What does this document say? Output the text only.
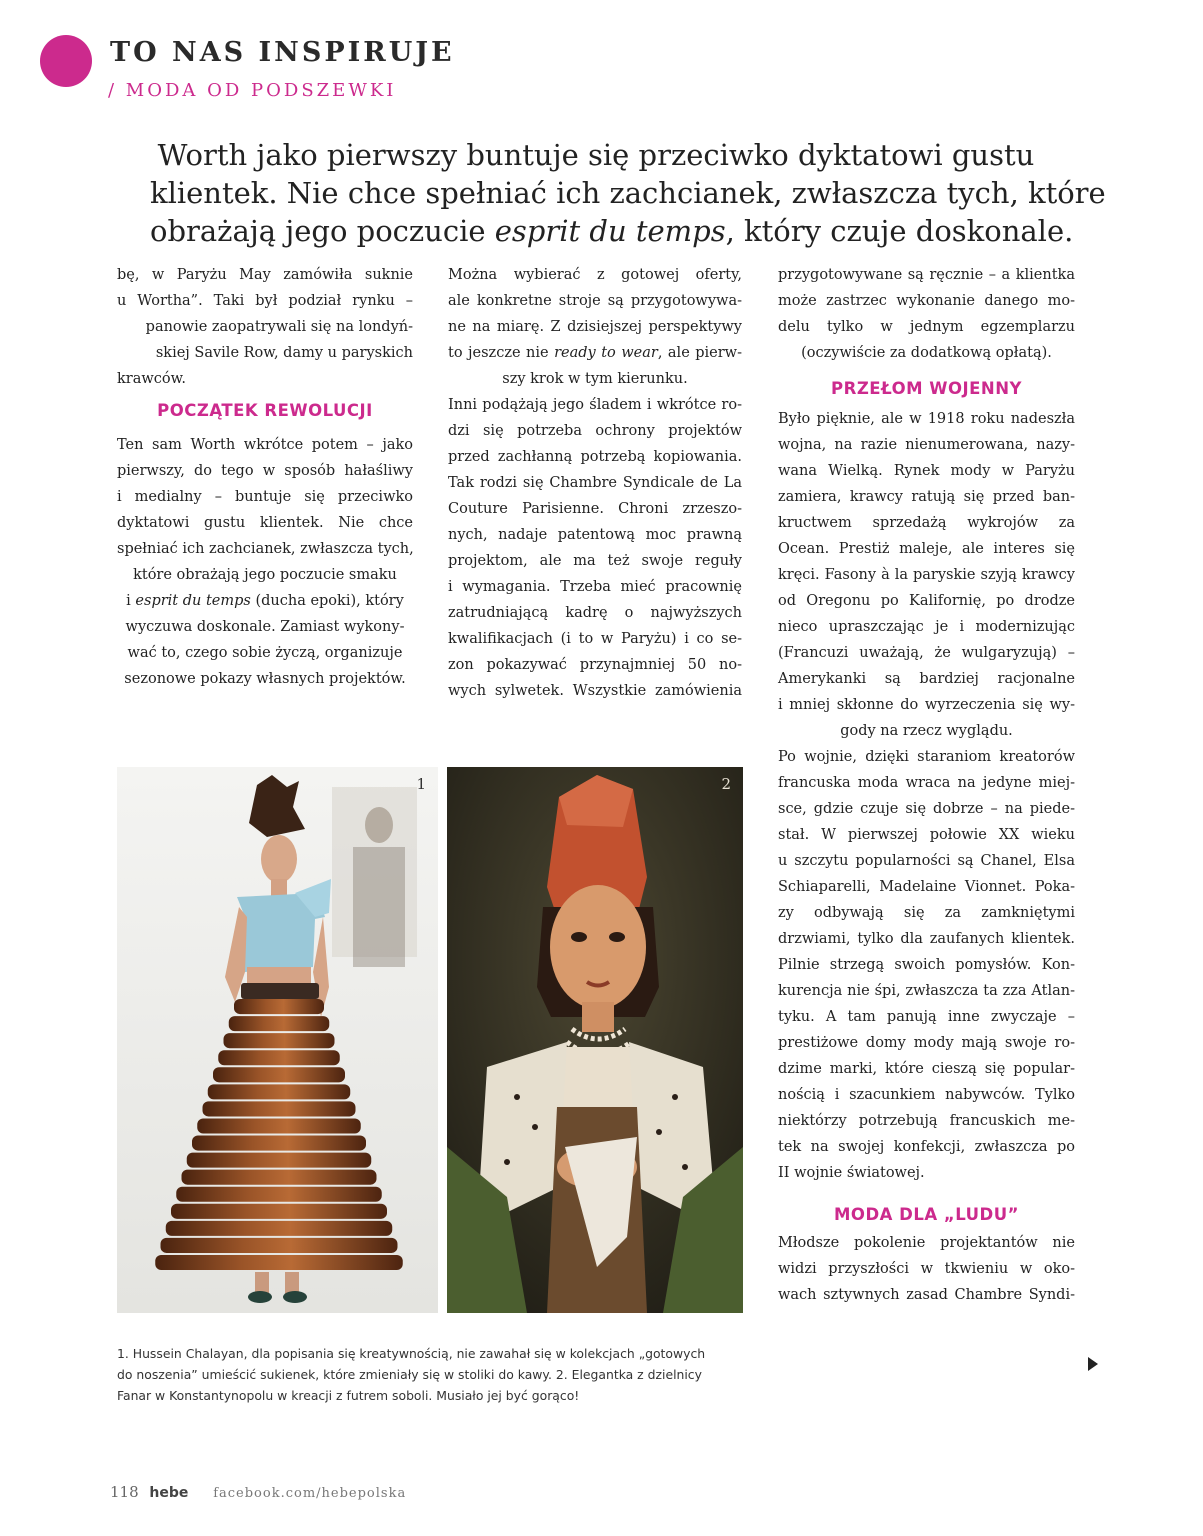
TO NAS INSPIRUJE
/ MODA OD PODSZEWKI
Worth jako pierwszy buntuje się przeciwko dyktatowi gustu
klientek. Nie chce spełniać ich zachcianek, zwłaszcza tych, które
obrażają jego poczucie esprit du temps, który czuje doskonale.
bę, w Paryżu May zamówiła suknie
u Wortha”. Taki był podział rynku –
panowie zaopatrywali się na londyń-
skiej Savile Row, damy u paryskich
krawców.
POCZĄTEK REWOLUCJI
Ten sam Worth wkrótce potem – jako
pierwszy, do tego w sposób hałaśliwy
i medialny – buntuje się przeciwko
dyktatowi gustu klientek. Nie chce
spełniać ich zachcianek, zwłaszcza tych,
które obrażają jego poczucie smaku
i esprit du temps (ducha epoki), który
wyczuwa doskonale. Zamiast wykony-
wać to, czego sobie życzą, organizuje
sezonowe pokazy własnych projektów.
Można wybierać z gotowej oferty,
ale konkretne stroje są przygotowywa-
ne na miarę. Z dzisiejszej perspektywy
to jeszcze nie ready to wear, ale pierw-
szy krok w tym kierunku.
Inni podążają jego śladem i wkrótce ro-
dzi się potrzeba ochrony projektów
przed zachłanną potrzebą kopiowania.
Tak rodzi się Chambre Syndicale de La
Couture Parisienne. Chroni zrzeszo-
nych, nadaje patentową moc prawną
projektom, ale ma też swoje reguły
i wymagania. Trzeba mieć pracownię
zatrudniającą kadrę o najwyższych
kwalifikacjach (i to w Paryżu) i co se-
zon pokazywać przynajmniej 50 no-
wych sylwetek. Wszystkie zamówienia
przygotowywane są ręcznie – a klientka
może zastrzec wykonanie danego mo-
delu tylko w jednym egzemplarzu
(oczywiście za dodatkową opłatą).
PRZEŁOM WOJENNY
Było pięknie, ale w 1918 roku nadeszła
wojna, na razie nienumerowana, nazy-
wana Wielką. Rynek mody w Paryżu
zamiera, krawcy ratują się przed ban-
kructwem sprzedażą wykrojów za
Ocean. Prestiż maleje, ale interes się
kręci. Fasony à la paryskie szyją krawcy
od Oregonu po Kalifornię, po drodze
nieco upraszczając je i modernizując
(Francuzi uważają, że wulgaryzują) –
Amerykanki są bardziej racjonalne
i mniej skłonne do wyrzeczenia się wy-
gody na rzecz wyglądu.
Po wojnie, dzięki staraniom kreatorów
francuska moda wraca na jedyne miej-
sce, gdzie czuje się dobrze – na piede-
stał. W pierwszej połowie XX wieku
u szczytu popularności są Chanel, Elsa
Schiaparelli, Madelaine Vionnet. Poka-
zy odbywają się za zamkniętymi
drzwiami, tylko dla zaufanych klientek.
Pilnie strzegą swoich pomysłów. Kon-
kurencja nie śpi, zwłaszcza ta zza Atlan-
tyku. A tam panują inne zwyczaje –
prestiżowe domy mody mają swoje ro-
dzime marki, które cieszą się popular-
nością i szacunkiem nabywców. Tylko
niektórzy potrzebują francuskich me-
tek na swojej konfekcji, zwłaszcza po
II wojnie światowej.
MODA DLA „LUDU”
Młodsze pokolenie projektantów nie
widzi przyszłości w tkwieniu w oko-
wach sztywnych zasad Chambre Syndi-
1	2
1. Hussein Chalayan, dla popisania się kreatywnością, nie zawahał się w kolekcjach „gotowych
do noszenia” umieścić sukienek, które zmieniały się w stoliki do kawy. 2. Elegantka z dzielnicy
Fanar w Konstantynopolu w kreacji z futrem soboli. Musiało jej być gorąco!
118 hebe facebook.com/hebepolska
